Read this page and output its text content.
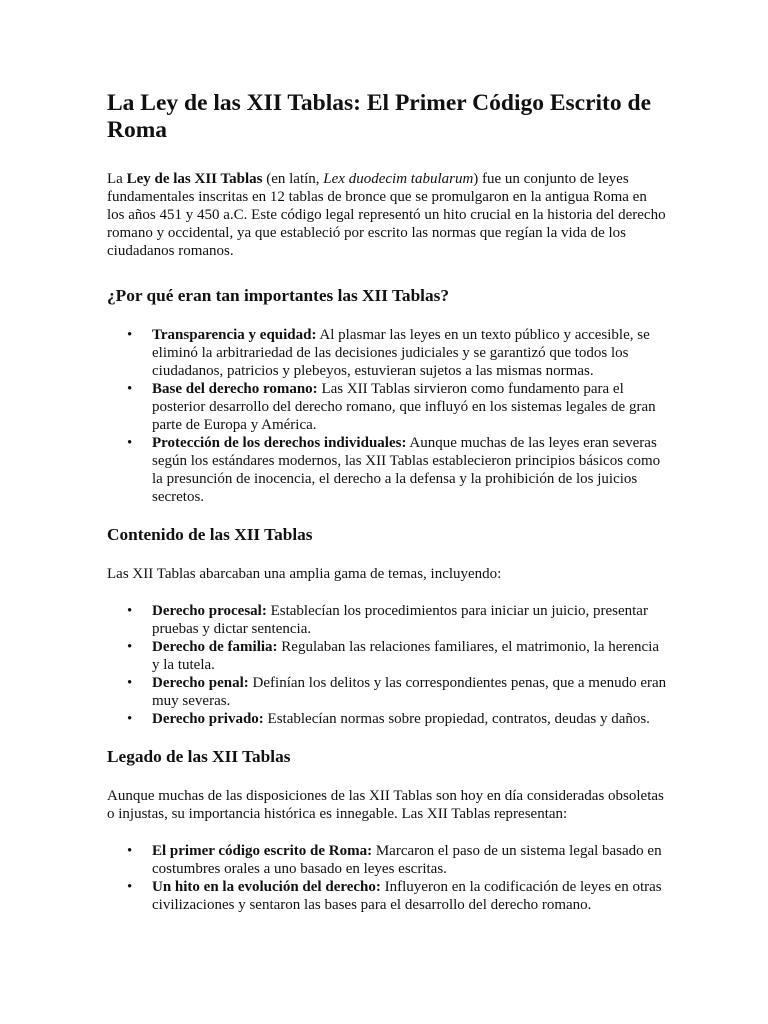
La Ley de las XII Tablas: El Primer Código Escrito de Roma

La Ley de las XII Tablas (en latín, Lex duodecim tabularum) fue un conjunto de leyes fundamentales inscritas en 12 tablas de bronce que se promulgaron en la antigua Roma en los años 451 y 450 a.C. Este código legal representó un hito crucial en la historia del derecho romano y occidental, ya que estableció por escrito las normas que regían la vida de los ciudadanos romanos.

¿Por qué eran tan importantes las XII Tablas?
• Transparencia y equidad: Al plasmar las leyes en un texto público y accesible, se eliminó la arbitrariedad de las decisiones judiciales y se garantizó que todos los ciudadanos, patricios y plebeyos, estuvieran sujetos a las mismas normas.
• Base del derecho romano: Las XII Tablas sirvieron como fundamento para el posterior desarrollo del derecho romano, que influyó en los sistemas legales de gran parte de Europa y América.
• Protección de los derechos individuales: Aunque muchas de las leyes eran severas según los estándares modernos, las XII Tablas establecieron principios básicos como la presunción de inocencia, el derecho a la defensa y la prohibición de los juicios secretos.
Contenido de las XII Tablas

Las XII Tablas abarcaban una amplia gama de temas, incluyendo:

• Derecho procesal: Establecían los procedimientos para iniciar un juicio, presentar pruebas y dictar sentencia.
• Derecho de familia: Regulaban las relaciones familiares, el matrimonio, la herencia y la tutela.
• Derecho penal: Definían los delitos y las correspondientes penas, que a menudo eran muy severas.
• Derecho privado: Establecían normas sobre propiedad, contratos, deudas y daños.
Legado de las XII Tablas

Aunque muchas de las disposiciones de las XII Tablas son hoy en día consideradas obsoletas o injustas, su importancia histórica es innegable. Las XII Tablas representan:

• El primer código escrito de Roma: Marcaron el paso de un sistema legal basado en costumbres orales a uno basado en leyes escritas.
• Un hito en la evolución del derecho: Influyeron en la codificación de leyes en otras civilizaciones y sentaron las bases para el desarrollo del derecho romano.
